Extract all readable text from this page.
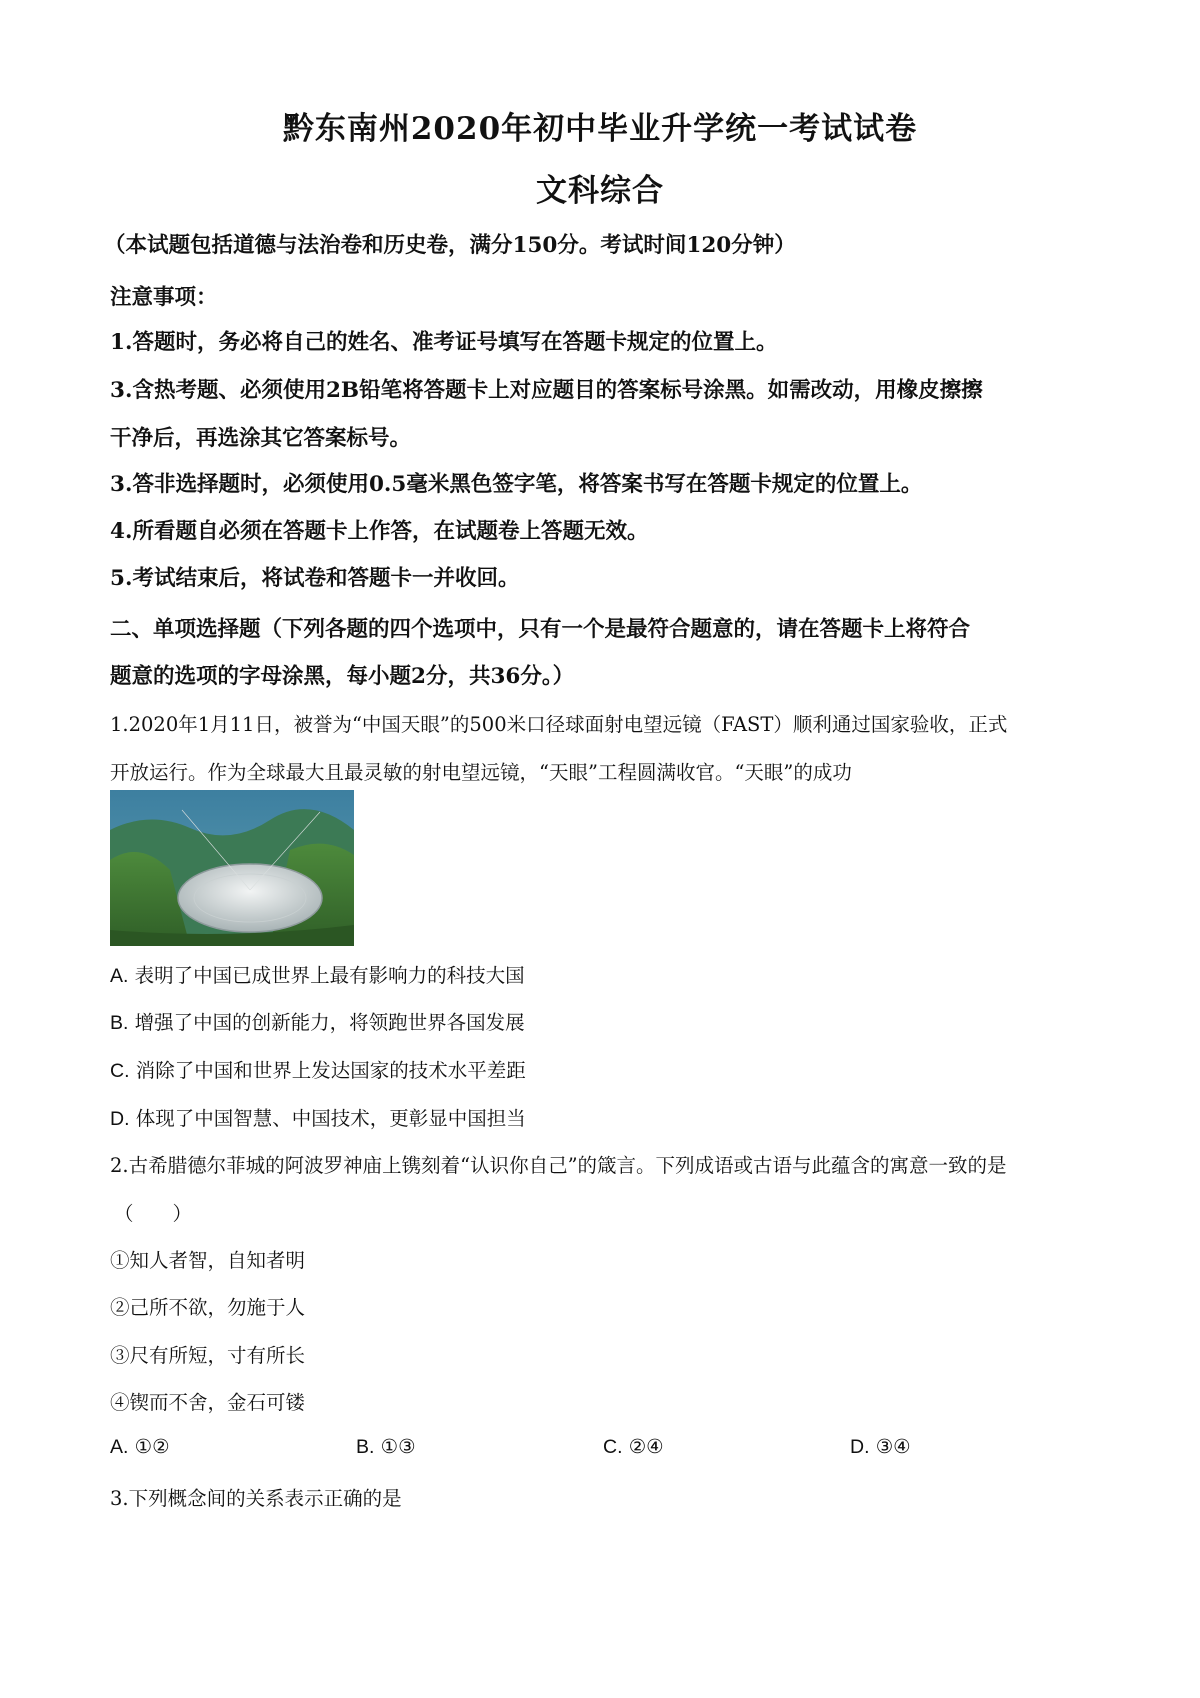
黔东南州2020年初中毕业升学统一考试试卷
文科综合
（本试题包括道德与法治卷和历史卷，满分150分。考试时间120分钟）
注意事项：
1.答题时，务必将自己的姓名、准考证号填写在答题卡规定的位置上。
3.含热考题、必须使用2B铅笔将答题卡上对应题目的答案标号涂黑。如需改动，用橡皮擦擦
干净后，再选涂其它答案标号。
3.答非选择题时，必须使用0.5毫米黑色签字笔，将答案书写在答题卡规定的位置上。
4.所看题自必须在答题卡上作答，在试题卷上答题无效。
5.考试结束后，将试卷和答题卡一并收回。
二、单项选择题（下列各题的四个选项中，只有一个是最符合题意的，请在答题卡上将符合
题意的选项的字母涂黑，每小题2分，共36分。）
1.2020年1月11日，被誉为“中国天眼”的500米口径球面射电望远镜（FAST）顺利通过国家验收，正式
开放运行。作为全球最大且最灵敏的射电望远镜，“天眼”工程圆满收官。“天眼”的成功
A. 表明了中国已成世界上最有影响力的科技大国
B. 增强了中国的创新能力，将领跑世界各国发展
C. 消除了中国和世界上发达国家的技术水平差距
D. 体现了中国智慧、中国技术，更彰显中国担当
2.古希腊德尔菲城的阿波罗神庙上镌刻着“认识你自己”的箴言。下列成语或古语与此蕴含的寓意一致的是
（　　）
①知人者智，自知者明
②己所不欲，勿施于人
③尺有所短，寸有所长
④锲而不舍，金石可镂
A. ①②	B. ①③	C. ②④	D. ③④
3.下列概念间的关系表示正确的是
